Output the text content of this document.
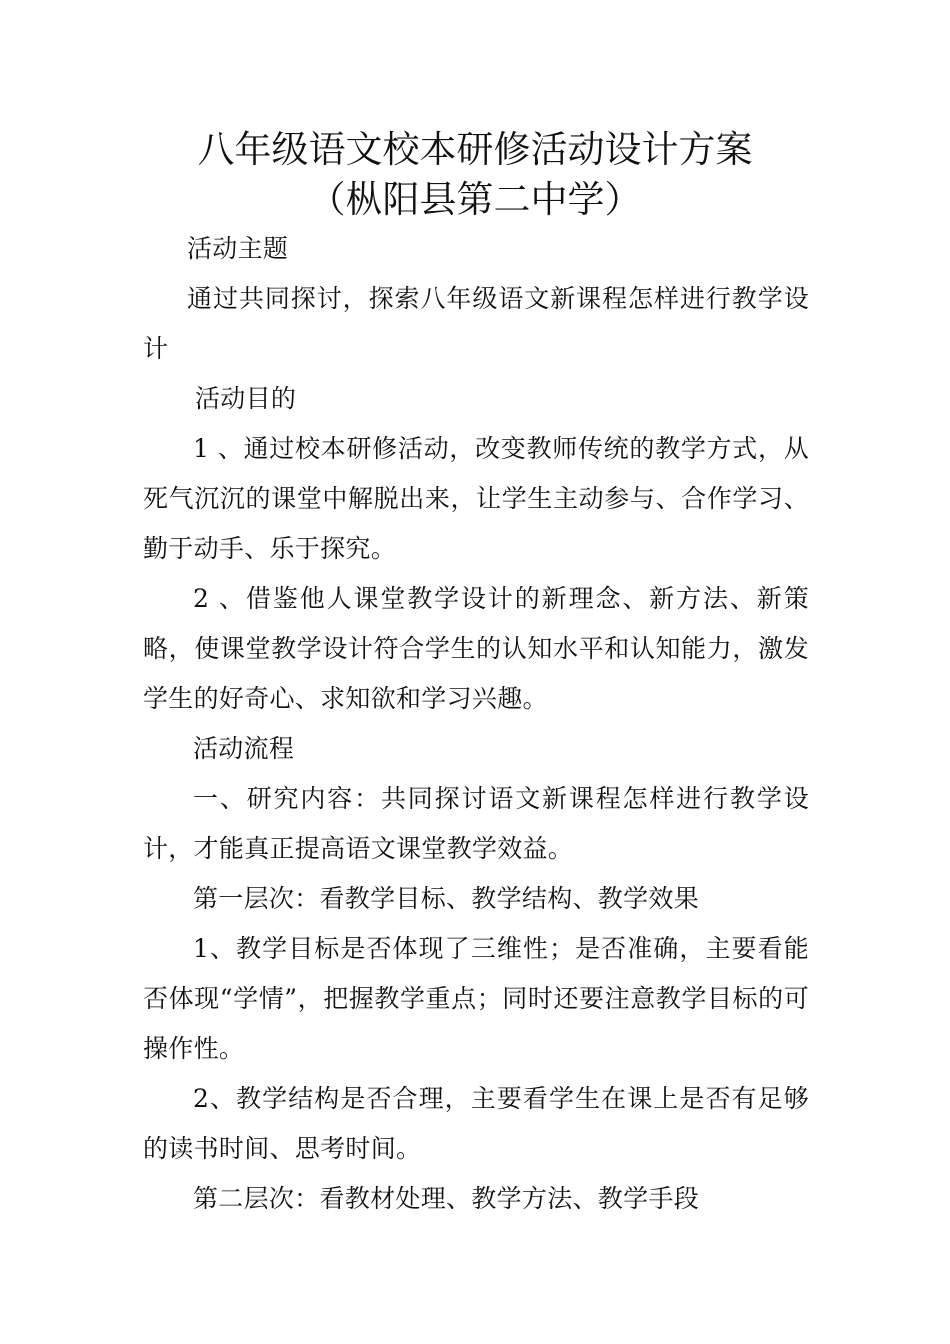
八年级语文校本研修活动设计方案
（枞阳县第二中学）
活动主题
通过共同探讨，探索八年级语文新课程怎样进行教学设计
活动目的
1 、通过校本研修活动，改变教师传统的教学方式，从死气沉沉的课堂中解脱出来，让学生主动参与、合作学习、勤于动手、乐于探究。
2 、借鉴他人课堂教学设计的新理念、新方法、新策略，使课堂教学设计符合学生的认知水平和认知能力，激发学生的好奇心、求知欲和学习兴趣。
活动流程
一、研究内容：共同探讨语文新课程怎样进行教学设计，才能真正提高语文课堂教学效益。
第一层次：看教学目标、教学结构、教学效果
1、教学目标是否体现了三维性；是否准确，主要看能否体现“学情”，把握教学重点；同时还要注意教学目标的可操作性。
2、教学结构是否合理，主要看学生在课上是否有足够的读书时间、思考时间。
第二层次：看教材处理、教学方法、教学手段
